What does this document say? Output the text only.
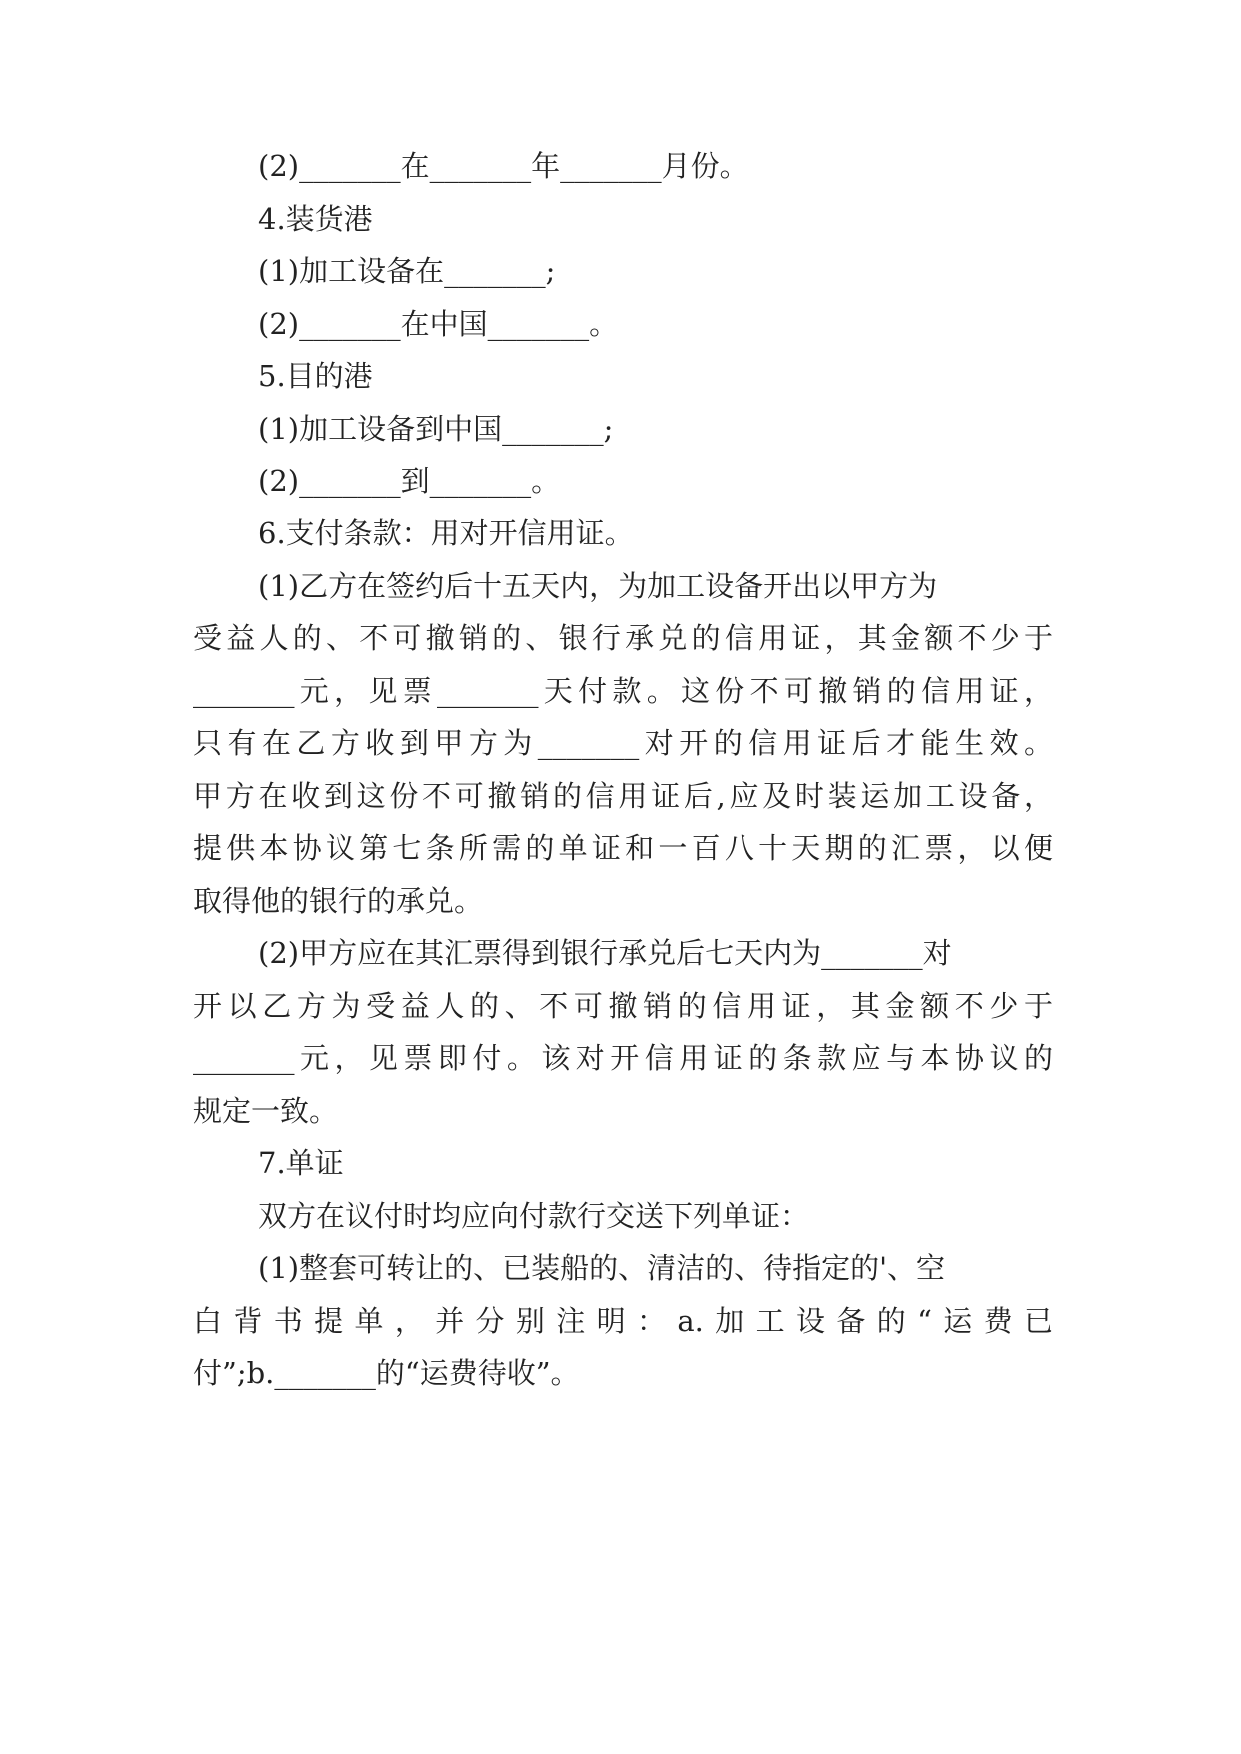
(2)_______在_______年_______月份。
4.装货港
(1)加工设备在_______;
(2)_______在中国_______。
5.目的港
(1)加工设备到中国_______;
(2)_______到_______。
6.支付条款：用对开信用证。
(1)乙方在签约后十五天内，为加工设备开出以甲方为
受益人的、不可撤销的、银行承兑的信用证，其金额不少于
_______元，见票_______天付款。这份不可撤销的信用证，
只有在乙方收到甲方为_______对开的信用证后才能生效。
甲方在收到这份不可撤销的信用证后,应及时装运加工设备，
提供本协议第七条所需的单证和一百八十天期的汇票，以便
取得他的银行的承兑。
(2)甲方应在其汇票得到银行承兑后七天内为_______对
开以乙方为受益人的、不可撤销的信用证，其金额不少于
_______元，见票即付。该对开信用证的条款应与本协议的
规定一致。
7.单证
双方在议付时均应向付款行交送下列单证：
(1)整套可转让的、已装船的、清洁的、待指定的'、空
白背书提单，并分别注明：a.加工设备的“运费已
付”;b._______的“运费待收”。
